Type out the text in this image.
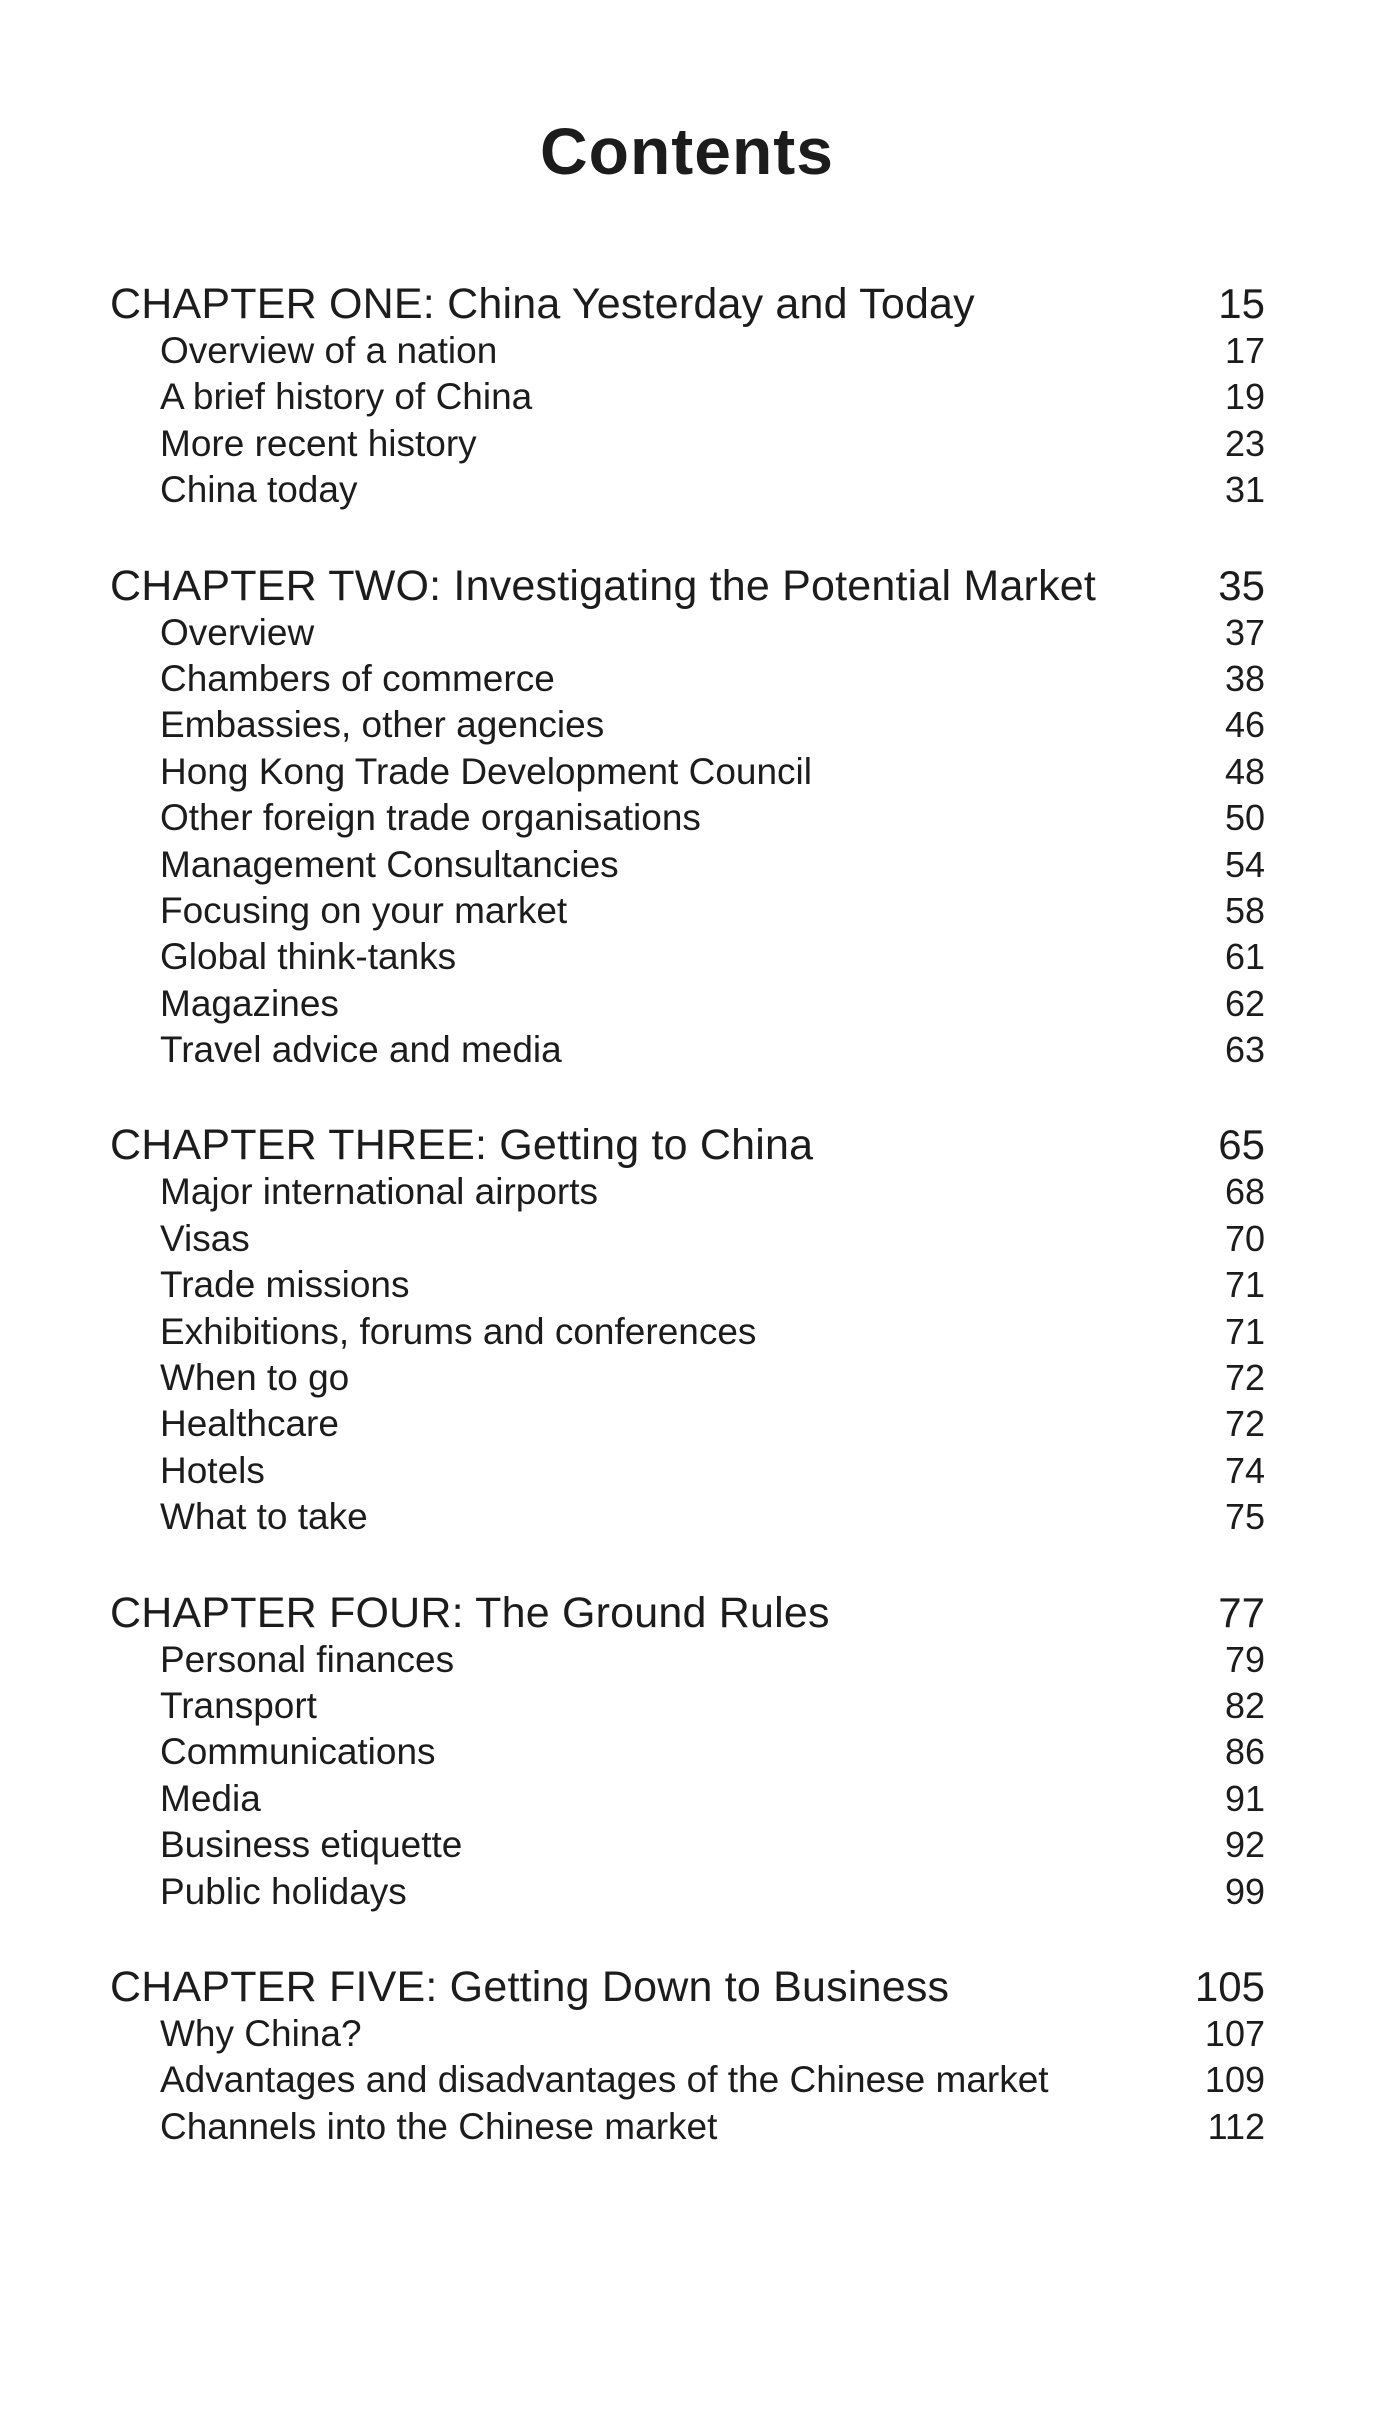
Contents
CHAPTER ONE: China Yesterday and Today	15
Overview of a nation	17
A brief history of China	19
More recent history	23
China today	31
CHAPTER TWO: Investigating the Potential Market	35
Overview	37
Chambers of commerce	38
Embassies, other agencies	46
Hong Kong Trade Development Council	48
Other foreign trade organisations	50
Management Consultancies	54
Focusing on your market	58
Global think-tanks	61
Magazines	62
Travel advice and media	63
CHAPTER THREE: Getting to China	65
Major international airports	68
Visas	70
Trade missions	71
Exhibitions, forums and conferences	71
When to go	72
Healthcare	72
Hotels	74
What to take	75
CHAPTER FOUR: The Ground Rules	77
Personal finances	79
Transport	82
Communications	86
Media	91
Business etiquette	92
Public holidays	99
CHAPTER FIVE: Getting Down to Business	105
Why China?	107
Advantages and disadvantages of the Chinese market	109
Channels into the Chinese market	112
